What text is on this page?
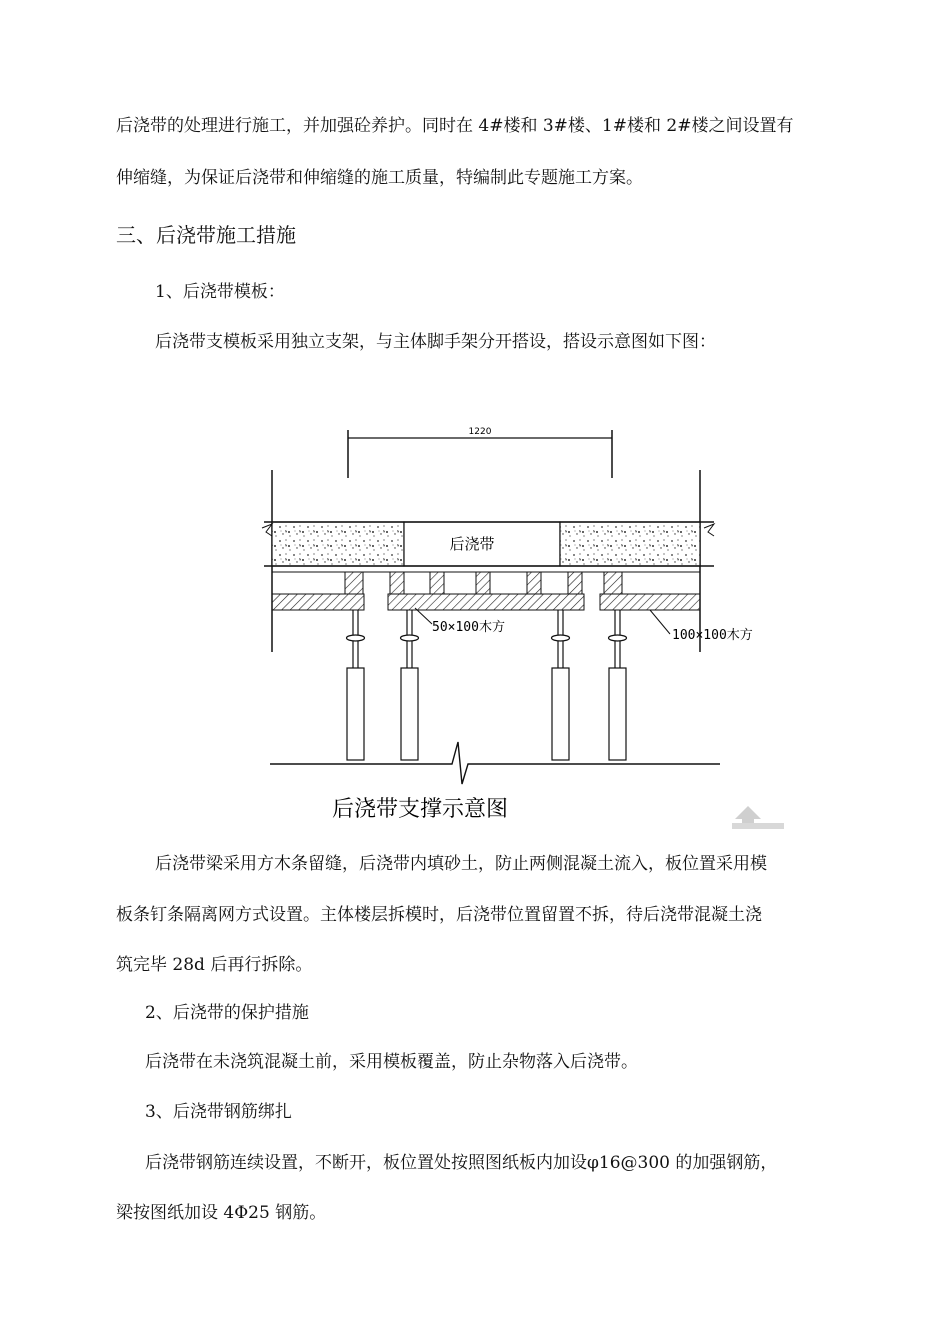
后浇带的处理进行施工，并加强砼养护。同时在 4#楼和 3#楼、1#楼和 2#楼之间设置有

伸缩缝，为保证后浇带和伸缩缝的施工质量，特编制此专题施工方案。

三、后浇带施工措施

1、后浇带模板：

后浇带支模板采用独立支架，与主体脚手架分开搭设，搭设示意图如下图：

1220
后浇带
50×100木方
100×100木方
后浇带支撑示意图

后浇带梁采用方木条留缝，后浇带内填砂土，防止两侧混凝土流入，板位置采用模

板条钉条隔离网方式设置。主体楼层拆模时，后浇带位置留置不拆，待后浇带混凝土浇

筑完毕 28d 后再行拆除。

2、后浇带的保护措施

后浇带在未浇筑混凝土前，采用模板覆盖，防止杂物落入后浇带。

3、后浇带钢筋绑扎

后浇带钢筋连续设置，不断开，板位置处按照图纸板内加设φ16@300 的加强钢筋，

梁按图纸加设 4Φ25 钢筋。
